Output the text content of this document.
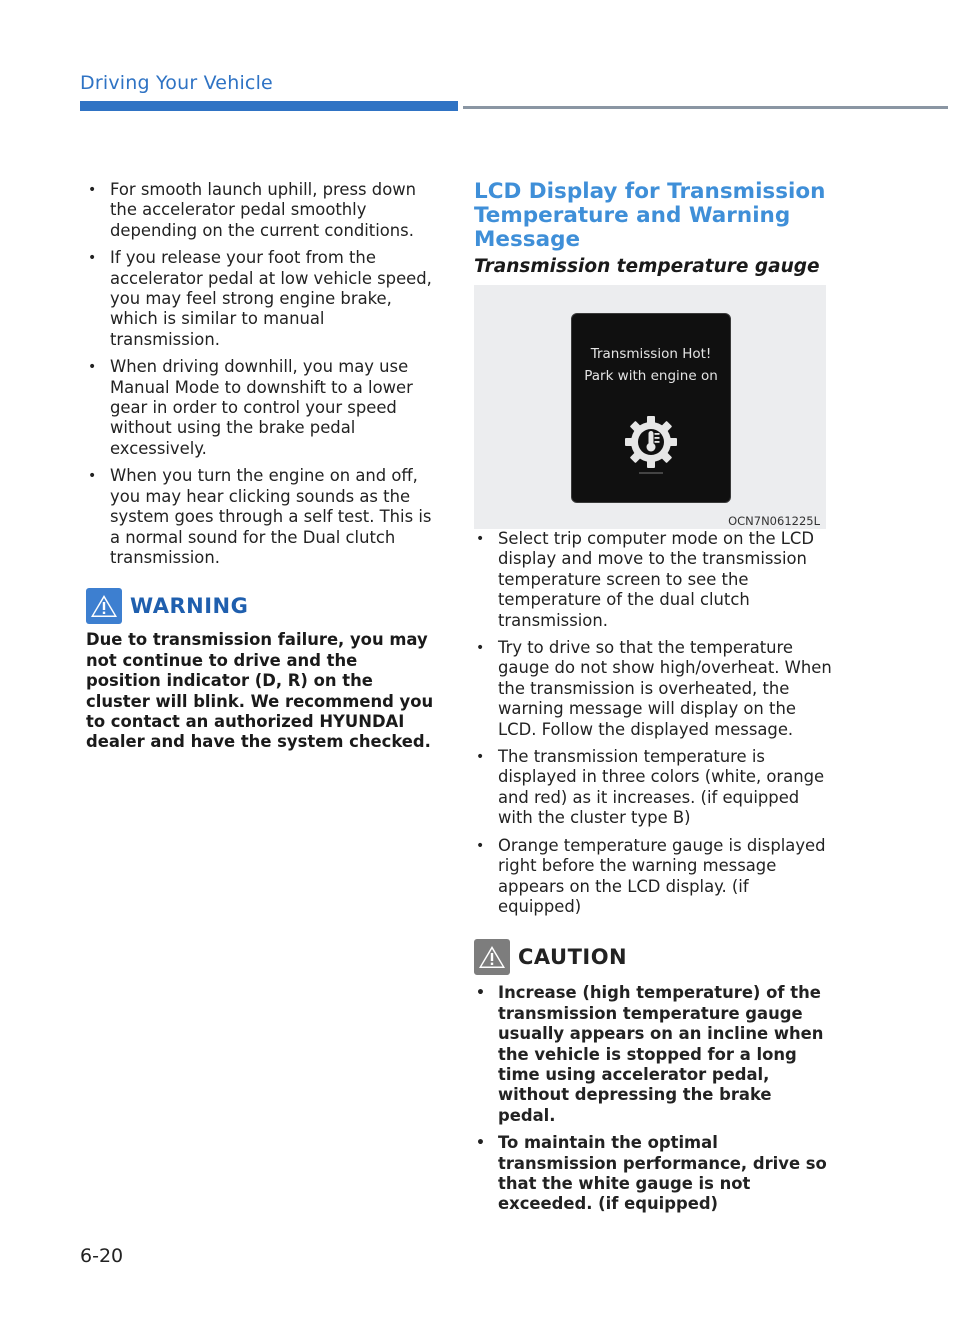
Driving Your Vehicle
• For smooth launch uphill, press down the accelerator pedal smoothly depending on the current conditions.
• If you release your foot from the accelerator pedal at low vehicle speed, you may feel strong engine brake, which is similar to manual transmission.
• When driving downhill, you may use Manual Mode to downshift to a lower gear in order to control your speed without using the brake pedal excessively.
• When you turn the engine on and off, you may hear clicking sounds as the system goes through a self test. This is a normal sound for the Dual clutch transmission.
WARNING
Due to transmission failure, you may not continue to drive and the position indicator (D, R) on the cluster will blink. We recommend you to contact an authorized HYUNDAI dealer and have the system checked.
LCD Display for Transmission Temperature and Warning Message
Transmission temperature gauge
Transmission Hot!
Park with engine on
OCN7N061225L
• Select trip computer mode on the LCD display and move to the transmission temperature screen to see the temperature of the dual clutch transmission.
• Try to drive so that the temperature gauge do not show high/overheat. When the transmission is overheated, the warning message will display on the LCD. Follow the displayed message.
• The transmission temperature is displayed in three colors (white, orange and red) as it increases. (if equipped with the cluster type B)
• Orange temperature gauge is displayed right before the warning message appears on the LCD display. (if equipped)
CAUTION
• Increase (high temperature) of the transmission temperature gauge usually appears on an incline when the vehicle is stopped for a long time using accelerator pedal, without depressing the brake pedal.
• To maintain the optimal transmission performance, drive so that the white gauge is not exceeded. (if equipped)
6-20
